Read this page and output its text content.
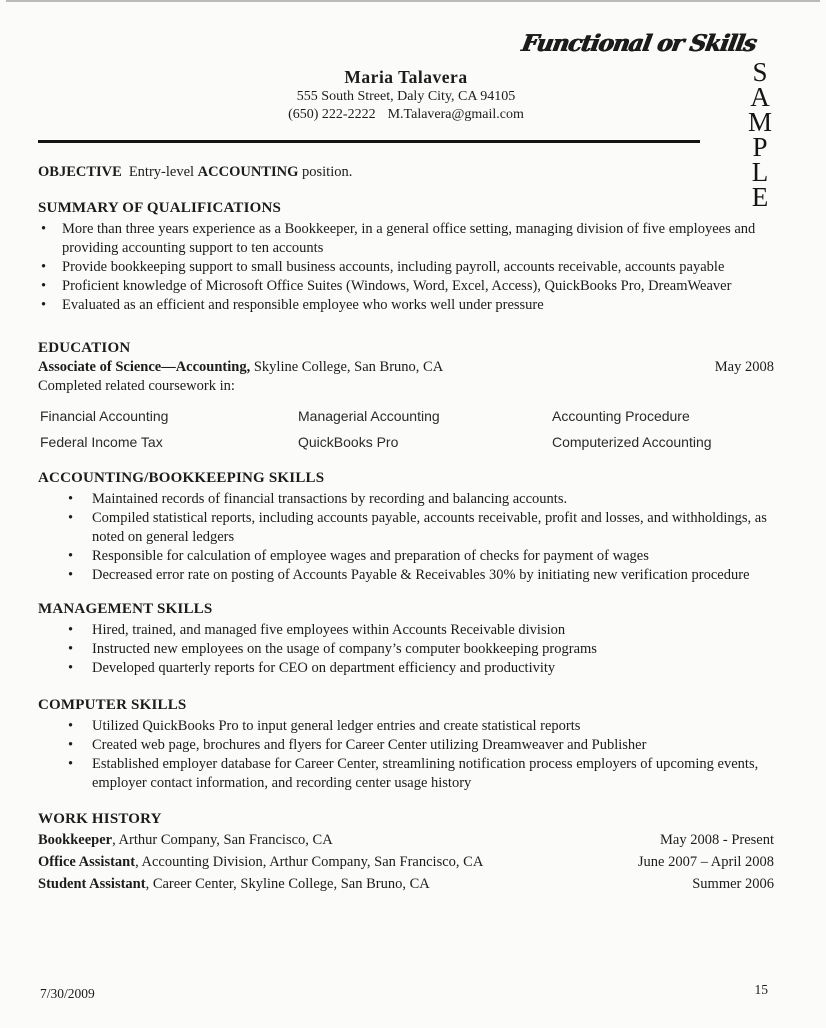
Functional or Skills
S
A
M
P
L
E
Maria Talavera
555 South Street, Daly City, CA 94105
(650) 222-2222 M.Talavera@gmail.com

OBJECTIVE Entry-level ACCOUNTING position.

SUMMARY OF QUALIFICATIONS
• More than three years experience as a Bookkeeper, in a general office setting, managing division of five employees and providing accounting support to ten accounts
• Provide bookkeeping support to small business accounts, including payroll, accounts receivable, accounts payable
• Proficient knowledge of Microsoft Office Suites (Windows, Word, Excel, Access), QuickBooks Pro, DreamWeaver
• Evaluated as an efficient and responsible employee who works well under pressure
EDUCATION
Associate of Science—Accounting, Skyline College, San Bruno, CA	May 2008
Completed related coursework in:
Financial Accounting	Managerial Accounting	Accounting Procedure
Federal Income Tax	QuickBooks Pro	Computerized Accounting
ACCOUNTING/BOOKKEEPING SKILLS
• Maintained records of financial transactions by recording and balancing accounts.
• Compiled statistical reports, including accounts payable, accounts receivable, profit and losses, and withholdings, as noted on general ledgers
• Responsible for calculation of employee wages and preparation of checks for payment of wages
• Decreased error rate on posting of Accounts Payable & Receivables 30% by initiating new verification procedure
MANAGEMENT SKILLS
• Hired, trained, and managed five employees within Accounts Receivable division
• Instructed new employees on the usage of company’s computer bookkeeping programs
• Developed quarterly reports for CEO on department efficiency and productivity
COMPUTER SKILLS
• Utilized QuickBooks Pro to input general ledger entries and create statistical reports
• Created web page, brochures and flyers for Career Center utilizing Dreamweaver and Publisher
• Established employer database for Career Center, streamlining notification process employers of upcoming events, employer contact information, and recording center usage history
WORK HISTORY
Bookkeeper, Arthur Company, San Francisco, CA	May 2008 - Present
Office Assistant, Accounting Division, Arthur Company, San Francisco, CA	June 2007 – April 2008
Student Assistant, Career Center, Skyline College, San Bruno, CA	Summer 2006
7/30/2009	15
